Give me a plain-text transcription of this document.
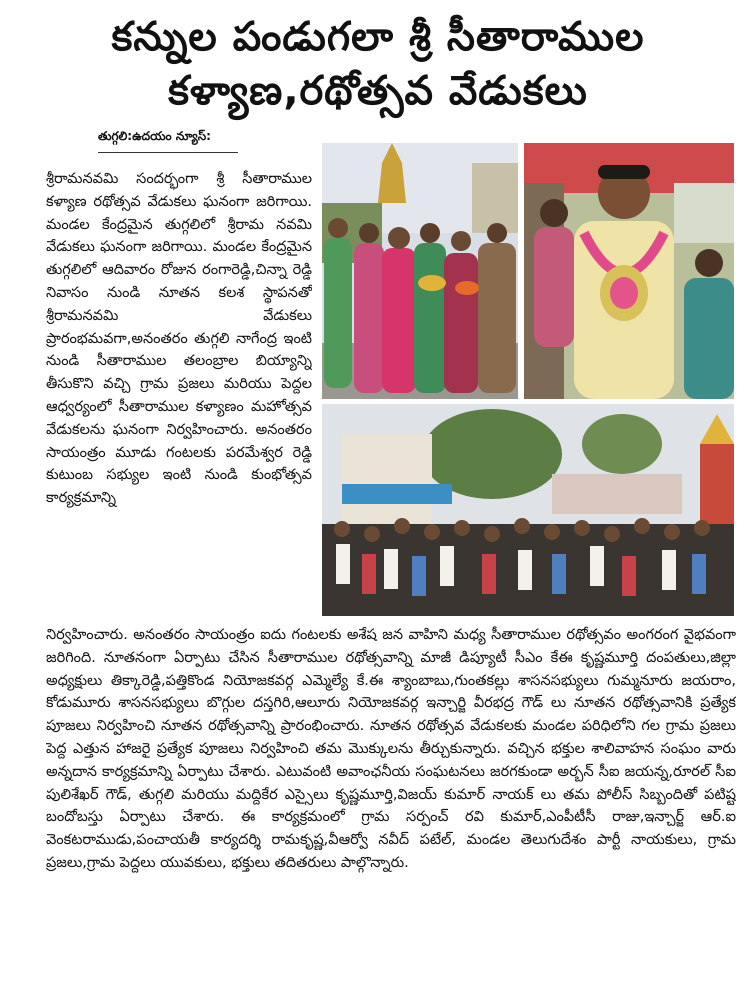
కన్నుల పండుగలా శ్రీ సీతారాముల
కళ్యాణ,రథోత్సవ వేడుకలు
తుగ్గలి:ఉదయం న్యూస్:
శ్రీరామనవమి సందర్భంగా శ్రీ సీతారాముల కళ్యాణ రథోత్సవ వేడుకలు ఘనంగా జరిగాయి. మండల కేంద్రమైన తుగ్గలిలో శ్రీరామ నవమి వేడుకలు ఘనంగా జరిగాయి. మండల కేంద్రమైన తుగ్గలిలో ఆదివారం రోజున రంగారెడ్డి,చిన్నా రెడ్డి నివాసం నుండి నూతన కలశ స్థాపనతో శ్రీరామనవమి వేడుకలు ప్రారంభమవగా,అనంతరం తుగ్గలి నాగేంద్ర ఇంటి నుండి సీతారాముల తలంబ్రాల బియ్యాన్ని తీసుకొని వచ్చి గ్రామ ప్రజలు మరియు పెద్దల ఆధ్వర్యంలో సీతారాముల కళ్యాణం మహోత్సవ వేడుకలను ఘనంగా నిర్వహించారు. అనంతరం సాయంత్రం మూడు గంటలకు పరమేశ్వర రెడ్డి కుటుంబ సభ్యుల ఇంటి నుండి కుంభోత్సవ కార్యక్రమాన్ని
నిర్వహించారు. అనంతరం సాయంత్రం ఐదు గంటలకు అశేష జన వాహిని మధ్య సీతారాముల రథోత్సవం అంగరంగ వైభవంగా జరిగింది. నూతనంగా ఏర్పాటు చేసిన సీతారాముల రథోత్సవాన్ని మాజీ డిప్యూటీ సీఎం కేఈ కృష్ణమూర్తి దంపతులు,జిల్లా అధ్యక్షులు తిక్కారెడ్డి,పత్తికొండ నియోజకవర్గ ఎమ్మెల్యే కే.ఈ శ్యాంబాబు,గుంతకల్లు శాసనసభ్యులు గుమ్మనూరు జయరాం, కోడుమూరు శాసనసభ్యులు బొగ్గుల దస్తగిరి,ఆలూరు నియోజకవర్గ ఇన్చార్జి వీరభద్ర గౌడ్ లు నూతన రథోత్సవానికి ప్రత్యేక పూజలు నిర్వహించి నూతన రథోత్సవాన్ని ప్రారంభించారు. నూతన రథోత్సవ వేడుకలకు మండల పరిధిలోని గల గ్రామ ప్రజలు పెద్ద ఎత్తున హాజరై ప్రత్యేక పూజలు నిర్వహించి తమ మొక్కులను తీర్చుకున్నారు. వచ్చిన భక్తుల శాలివాహన సంఘం వారు అన్నదాన కార్యక్రమాన్ని ఏర్పాటు చేశారు. ఎటువంటి అవాంఛనీయ సంఘటనలు జరగకుండా అర్బన్ సీఐ జయన్న,రూరల్ సీఐ పులిశేఖర్ గౌడ్, తుగ్గలి మరియు మద్దికేర ఎస్సైలు కృష్ణమూర్తి,విజయ్ కుమార్ నాయక్ లు తమ పోలీస్ సిబ్బందితో పటిష్ట బందోబస్తు ఏర్పాటు చేశారు. ఈ కార్యక్రమంలో గ్రామ సర్పంచ్ రవి కుమార్,ఎంపీటీసీ రాజు,ఇన్చార్జ్ ఆర్.ఐ వెంకటరాముడు,పంచాయతీ కార్యదర్శి రామకృష్ణ,వీఆర్వో నవీద్ పటేల్, మండల తెలుగుదేశం పార్టీ నాయకులు, గ్రామ ప్రజలు,గ్రామ పెద్దలు యువకులు, భక్తులు తదితరులు పాల్గొన్నారు.
